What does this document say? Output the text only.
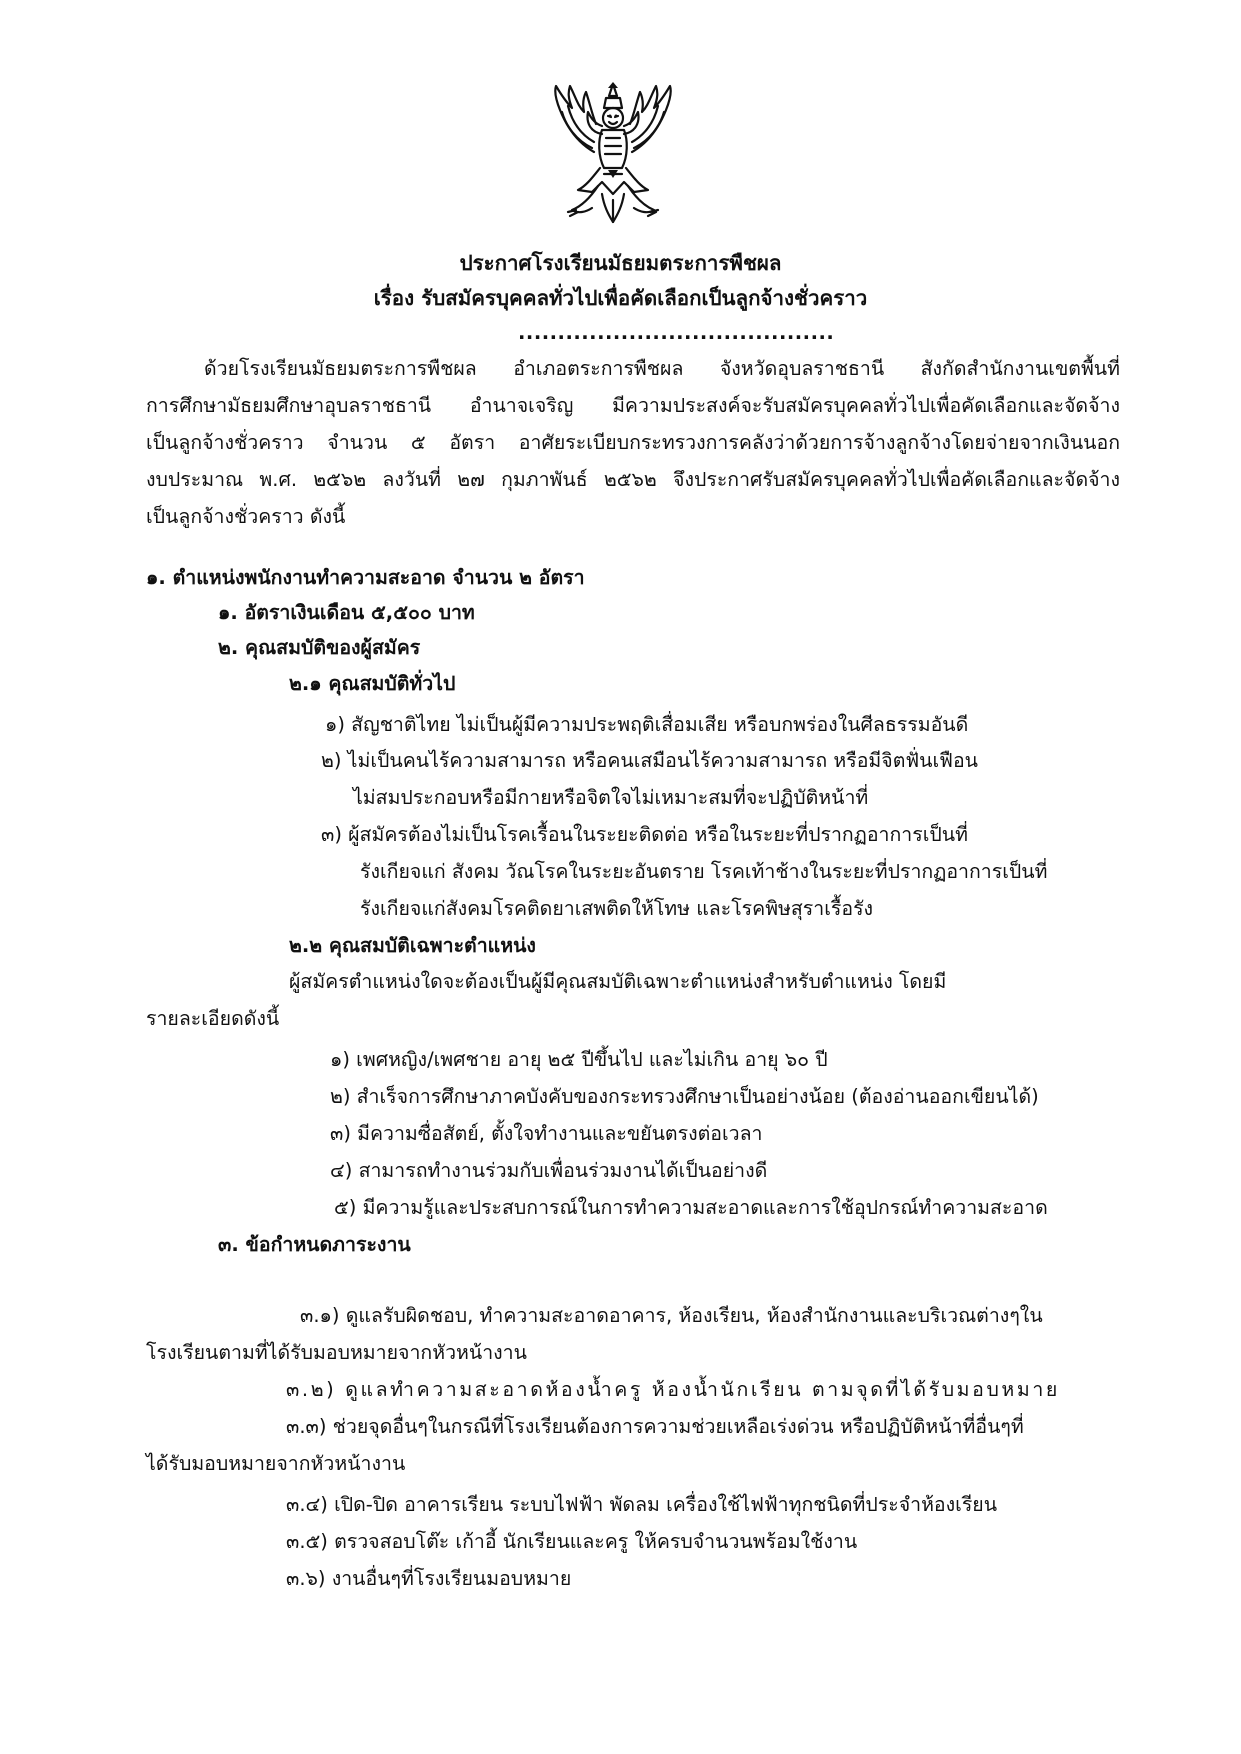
ประกาศโรงเรียนมัธยมตระการพืชผล
เรื่อง รับสมัครบุคคลทั่วไปเพื่อคัดเลือกเป็นลูกจ้างชั่วคราว
........................................
ด้วยโรงเรียนมัธยมตระการพืชผล อำเภอตระการพืชผล จังหวัดอุบลราชธานี สังกัดสำนักงานเขตพื้นที่
การศึกษามัธยมศึกษาอุบลราชธานี อำนาจเจริญ มีความประสงค์จะรับสมัครบุคคลทั่วไปเพื่อคัดเลือกและจัดจ้าง
เป็นลูกจ้างชั่วคราว จำนวน ๕ อัตรา อาศัยระเบียบกระทรวงการคลังว่าด้วยการจ้างลูกจ้างโดยจ่ายจากเงินนอก
งบประมาณ พ.ศ. ๒๕๖๒ ลงวันที่ ๒๗ กุมภาพันธ์ ๒๕๖๒ จึงประกาศรับสมัครบุคคลทั่วไปเพื่อคัดเลือกและจัดจ้าง
เป็นลูกจ้างชั่วคราว ดังนี้
๑. ตำแหน่งพนักงานทำความสะอาด จำนวน ๒ อัตรา
๑. อัตราเงินเดือน ๕,๕๐๐ บาท
๒. คุณสมบัติของผู้สมัคร
๒.๑ คุณสมบัติทั่วไป
๑) สัญชาติไทย ไม่เป็นผู้มีความประพฤติเสื่อมเสีย หรือบกพร่องในศีลธรรมอันดี
๒) ไม่เป็นคนไร้ความสามารถ หรือคนเสมือนไร้ความสามารถ หรือมีจิตฟั่นเฟือน
ไม่สมประกอบหรือมีกายหรือจิตใจไม่เหมาะสมที่จะปฏิบัติหน้าที่
๓) ผู้สมัครต้องไม่เป็นโรคเรื้อนในระยะติดต่อ หรือในระยะที่ปรากฏอาการเป็นที่
รังเกียจแก่ สังคม วัณโรคในระยะอันตราย โรคเท้าช้างในระยะที่ปรากฏอาการเป็นที่
รังเกียจแก่สังคมโรคติดยาเสพติดให้โทษ และโรคพิษสุราเรื้อรัง
๒.๒ คุณสมบัติเฉพาะตำแหน่ง
ผู้สมัครตำแหน่งใดจะต้องเป็นผู้มีคุณสมบัติเฉพาะตำแหน่งสำหรับตำแหน่ง โดยมี
รายละเอียดดังนี้
๑) เพศหญิง/เพศชาย อายุ ๒๕ ปีขึ้นไป และไม่เกิน อายุ ๖๐ ปี
๒) สำเร็จการศึกษาภาคบังคับของกระทรวงศึกษาเป็นอย่างน้อย (ต้องอ่านออกเขียนได้)
๓) มีความซื่อสัตย์, ตั้งใจทำงานและขยันตรงต่อเวลา
๔) สามารถทำงานร่วมกับเพื่อนร่วมงานได้เป็นอย่างดี
๕) มีความรู้และประสบการณ์ในการทำความสะอาดและการใช้อุปกรณ์ทำความสะอาด
๓. ข้อกำหนดภาระงาน
๓.๑) ดูแลรับผิดชอบ, ทำความสะอาดอาคาร, ห้องเรียน, ห้องสำนักงานและบริเวณต่างๆใน
โรงเรียนตามที่ได้รับมอบหมายจากหัวหน้างาน
๓.๒) ดูแลทำความสะอาดห้องน้ำครู ห้องน้ำนักเรียน ตามจุดที่ได้รับมอบหมาย
๓.๓) ช่วยจุดอื่นๆในกรณีที่โรงเรียนต้องการความช่วยเหลือเร่งด่วน หรือปฏิบัติหน้าที่อื่นๆที่
ได้รับมอบหมายจากหัวหน้างาน
๓.๔) เปิด-ปิด อาคารเรียน ระบบไฟฟ้า พัดลม เครื่องใช้ไฟฟ้าทุกชนิดที่ประจำห้องเรียน
๓.๕) ตรวจสอบโต๊ะ เก้าอี้ นักเรียนและครู ให้ครบจำนวนพร้อมใช้งาน
๓.๖) งานอื่นๆที่โรงเรียนมอบหมาย
